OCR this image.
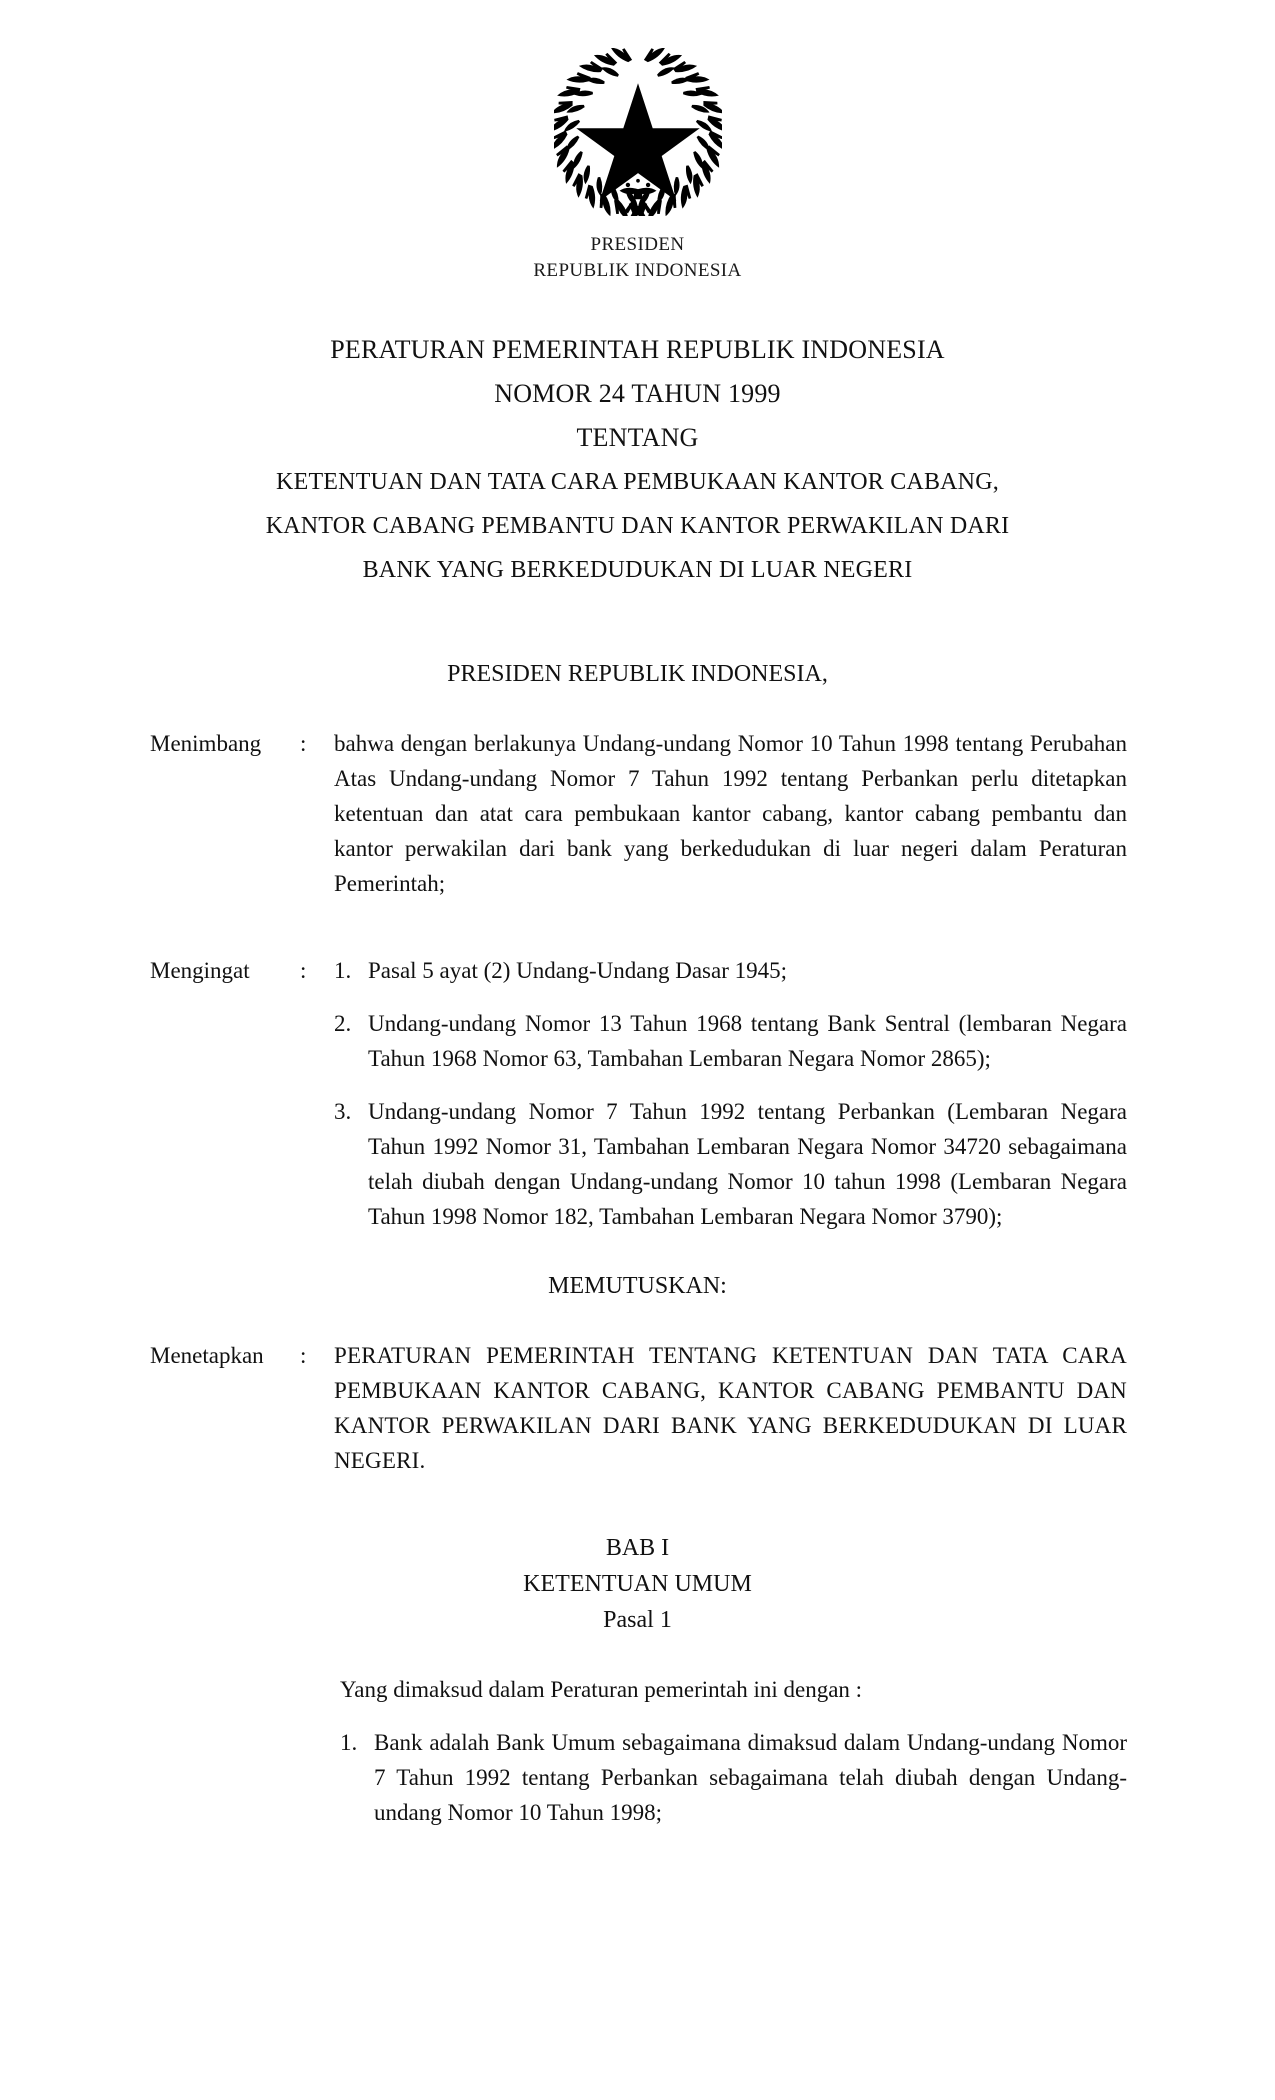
PRESIDEN
REPUBLIK INDONESIA
PERATURAN PEMERINTAH REPUBLIK INDONESIA
NOMOR 24 TAHUN 1999
TENTANG
KETENTUAN DAN TATA CARA PEMBUKAAN KANTOR CABANG,
KANTOR CABANG PEMBANTU DAN KANTOR PERWAKILAN DARI
BANK YANG BERKEDUDUKAN DI LUAR NEGERI
PRESIDEN REPUBLIK INDONESIA,
Menimbang	:	bahwa dengan berlakunya Undang-undang Nomor 10 Tahun 1998 tentang Perubahan Atas Undang-undang Nomor 7 Tahun 1992 tentang Perbankan perlu ditetapkan ketentuan dan atat cara pembukaan kantor cabang, kantor cabang pembantu dan kantor perwakilan dari bank yang berkedudukan di luar negeri dalam Peraturan Pemerintah;
Mengingat	:	1. Pasal 5 ayat (2) Undang-Undang Dasar 1945;
2. Undang-undang Nomor 13 Tahun 1968 tentang Bank Sentral (lembaran Negara Tahun 1968 Nomor 63, Tambahan Lembaran Negara Nomor 2865);
3. Undang-undang Nomor 7 Tahun 1992 tentang Perbankan (Lembaran Negara Tahun 1992 Nomor 31, Tambahan Lembaran Negara Nomor 34720 sebagaimana telah diubah dengan Undang-undang Nomor 10 tahun 1998 (Lembaran Negara Tahun 1998 Nomor 182, Tambahan Lembaran Negara Nomor 3790);
MEMUTUSKAN:
Menetapkan	:	PERATURAN PEMERINTAH TENTANG KETENTUAN DAN TATA CARA PEMBUKAAN KANTOR CABANG, KANTOR CABANG PEMBANTU DAN KANTOR PERWAKILAN DARI BANK YANG BERKEDUDUKAN DI LUAR NEGERI.
BAB I
KETENTUAN UMUM
Pasal 1

Yang dimaksud dalam Peraturan pemerintah ini dengan :

1. Bank adalah Bank Umum sebagaimana dimaksud dalam Undang-undang Nomor 7 Tahun 1992 tentang Perbankan sebagaimana telah diubah dengan Undang-undang Nomor 10 Tahun 1998;
